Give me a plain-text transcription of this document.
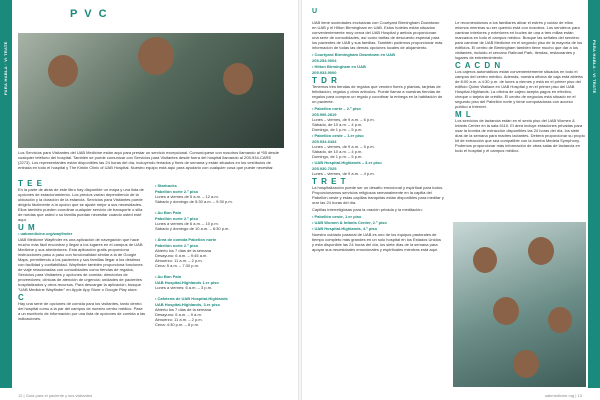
PARA HABLA · VI TRATE	PARA HABLA · VI TRATE
P V C	U
Los Servicios para Visitantes del UAB Medicine están aquí para prestar un servicio excepcional. Comuníquese con nosotros llamando al *55 desde cualquier teléfono del hospital. También se puede comunicar con Servicios para Visitantes desde fuera del hospital llamando al 205-934-CARE (2273). Los representantes están disponibles las 24 horas del día, incluyendo feriados y fines de semana y están situados en los vestíbulos de entrada en todo el hospital y The Kirklin Clinic of UAB Hospital. Nuestro equipo está aquí para ayudarlo con cualquier cosa que puede necesitar.
T E E

En la parte de atrás de este libro hay disponible un mapa y una lista de opciones de estacionamiento. Los precios varían dependiendo de la ubicación y la duración de la estancia. Servicios para Visitantes puede dirigirlo fácilmente a la opción que se ajuste mejor a sus necesidades. Ellos también pueden coordinar cualquier servicio de transporte o silla de ruedas que usted o su familia puedan necesitar cuando usted esté aquí.

U M
• uabmedicine.org/wayfinder

UAB Medicine Wayfinder es una aplicación de navegación que hace mucho más fácil encontrar y llegar a los lugares en el campus de UAB Medicine y sus alrededores. Esta aplicación gratis proporciona instrucciones paso a paso con funcionalidad similar a la de Google Maps, permitiendo a los pacientes y sus familias llegar a los destinos con facilidad y confiabilidad. Wayfinder también proporciona funciones de viaje relacionadas con comodidades como tiendas de regalos, Servicios para Visitantes y opciones de comida; directorios de proveedores; clínicas de atención de urgencia; unidades de pacientes hospitalizados y otros recursos. Para descargar la aplicación, busque "UAB Medicine Wayfinder" en Apple App Store o Google Play store.

C

Hay una serie de opciones de comida para los visitantes, tanto dentro del hospital como a la par del campus de nuestro centro médico. Pase a un escritorio de información por una lista de opciones de comida a las indicaciones.

• Starbucks
Pabellón norte 2.º piso
Lunes a viernes de 5 a.m. – 12 a.m.
Sábado y domingo de 5:30 a.m. – 9:30 p.m.

• Au Bon Pain
Pabellón norte 2.º piso
Lunes a viernes de 6 a.m. – 10 p.m.
Sábado y domingo de 10 a.m. – 6:30 p.m.

• Área de comida Pabellón norte
Pabellón norte 2.º piso
Abierto los 7 días de la semana
Desayuno: 6 a.m. – 9:45 a.m.
Almuerzo: 11 a.m. – 2 p.m.
Cena: 5 a.m. – 7:30 p.m.

• Au Bon Pain
UAB Hospital-Highlands 1.er piso
Lunes a viernes: 6 a.m. – 3 p.m.

• Cafetería de UAB Hospital-Highlands
UAB Hospital-Highlands, 3.er piso
Abierto los 7 días de la semana
Desayuno: 6 a.m. – 9 a.m.
Almuerzo: 11 a.m. – 2 p.m.
Cena: 4:30 p.m. – 8 p.m.

UAB tiene sociedades exclusivas con Courtyard Birmingham Downtown en UAB y el Hilton Birmingham en UAB. Estos hoteles están situados convenientemente muy cerca del UAB Hospital y ambos proporcionan una serie de comodidades, así como tarifas de descuento especial para los pacientes de UAB y sus familias. También podemos proporcionar más información de todas las demás opciones locales de alojamiento.

• Courtyard Birmingham Downtown en UAB
205.254.0004
• Hilton Birmingham en UAB
205.933.9000
T D R

Tenemos tres tiendas de regalos que venden flores y plantas, tarjetas de felicitación, regalos y otros artículos. Puede llamar a nuestras tiendas de regalos para comprar un regalo y coordinar la entrega en la habitación de un paciente.

• Pabellón norte – 2.º piso
205.996.2819
Lunes – viernes, de 9 a.m. – 6 p.m.
Sábado, de 10 a.m. – 4 p.m.
Domingo, de 1 p.m. – 5 p.m.
• Pabellón oeste – 1.er piso
205.934.6434
Lunes – viernes, de 9 a.m. – 5 p.m.
Sábado, de 10 a.m. – 4 p.m.
Domingo, de 1 p.m. – 5 p.m.
• UAB Hospital-Highlands – 3.er piso
205.930.7025
Lunes – viernes, de 9 a.m. – 4 p.m.
T R E T

La hospitalización puede ser un desafío emocional y espiritual para todos. Proporcionamos servicios religiosos semanalmente en la capilla del Pabellón oeste y estas capillas tranquilas están disponibles para meditar y orar las 24 horas del día.

Capillas interreligiosas para la oración privada y la meditación:

• Pabellón oeste, 1.er piso
• UAB Women & Infants Center, 2.º piso
• UAB Hospital-Highlands, 4.º piso

Nuestro cuidado pastoral de UAB es uno de los equipos pastorales de tiempo completo más grandes en un solo hospital en los Estados Unidos y está disponible las 24 horas del día, los siete días de la semana para apoyar sus necesidades emocionales y espirituales mientras está aquí.

Le recomendamos a los familiares alivar el estrés y cuidar de ellos mismos mientras su ser querido está con nosotros. Los senderos para caminar interiores y exteriores en bucles de una a tres millas están marcados en todo el campus médico. Busque las señales del sendero para caminar de UAB Medicine en el segundo piso de la mayoría de los edificios. El centro de Birmingham también tiene mucho que dar a los visitantes, incluido el cercano Railroad Park, tiendas, restaurantes y lugares de entretenimiento.

C A C D N

Los cajeros automáticos están convenientemente situados en todo el campus del centro médico. Además, nuestra oficina de caja está abierta de 8:00 a.m. a 4:30 p.m. de lunes a viernes y está en el primer piso del edificio Quinn Wallace en UAB Hospital y en el primer piso del UAB Hospital-Highlands. La oficina de cajero acepta pagos en efectivo, cheque o tarjeta de crédito. El centro de negocios está situado en el segundo piso del Pabellón norte y tiene computadoras con acceso público a Internet.

M L

Los servicios de lactancia están en el sexto piso del UAB Women & Infants Center en la sala 6110. El área incluye estaciones privadas para usar la bomba de extracción disponibles las 24 horas del día, los siete días de la semana para madres lactantes. Deberá proporcionar su propio kit de extracción que sea compatible con la bomba Medela Symphony. Podemos proporcionar más información de otras salas de lactancia en todo el hospital y el campus médico.

12 | Guía para el paciente y sus visitantes	uabmedicine.org | 13
